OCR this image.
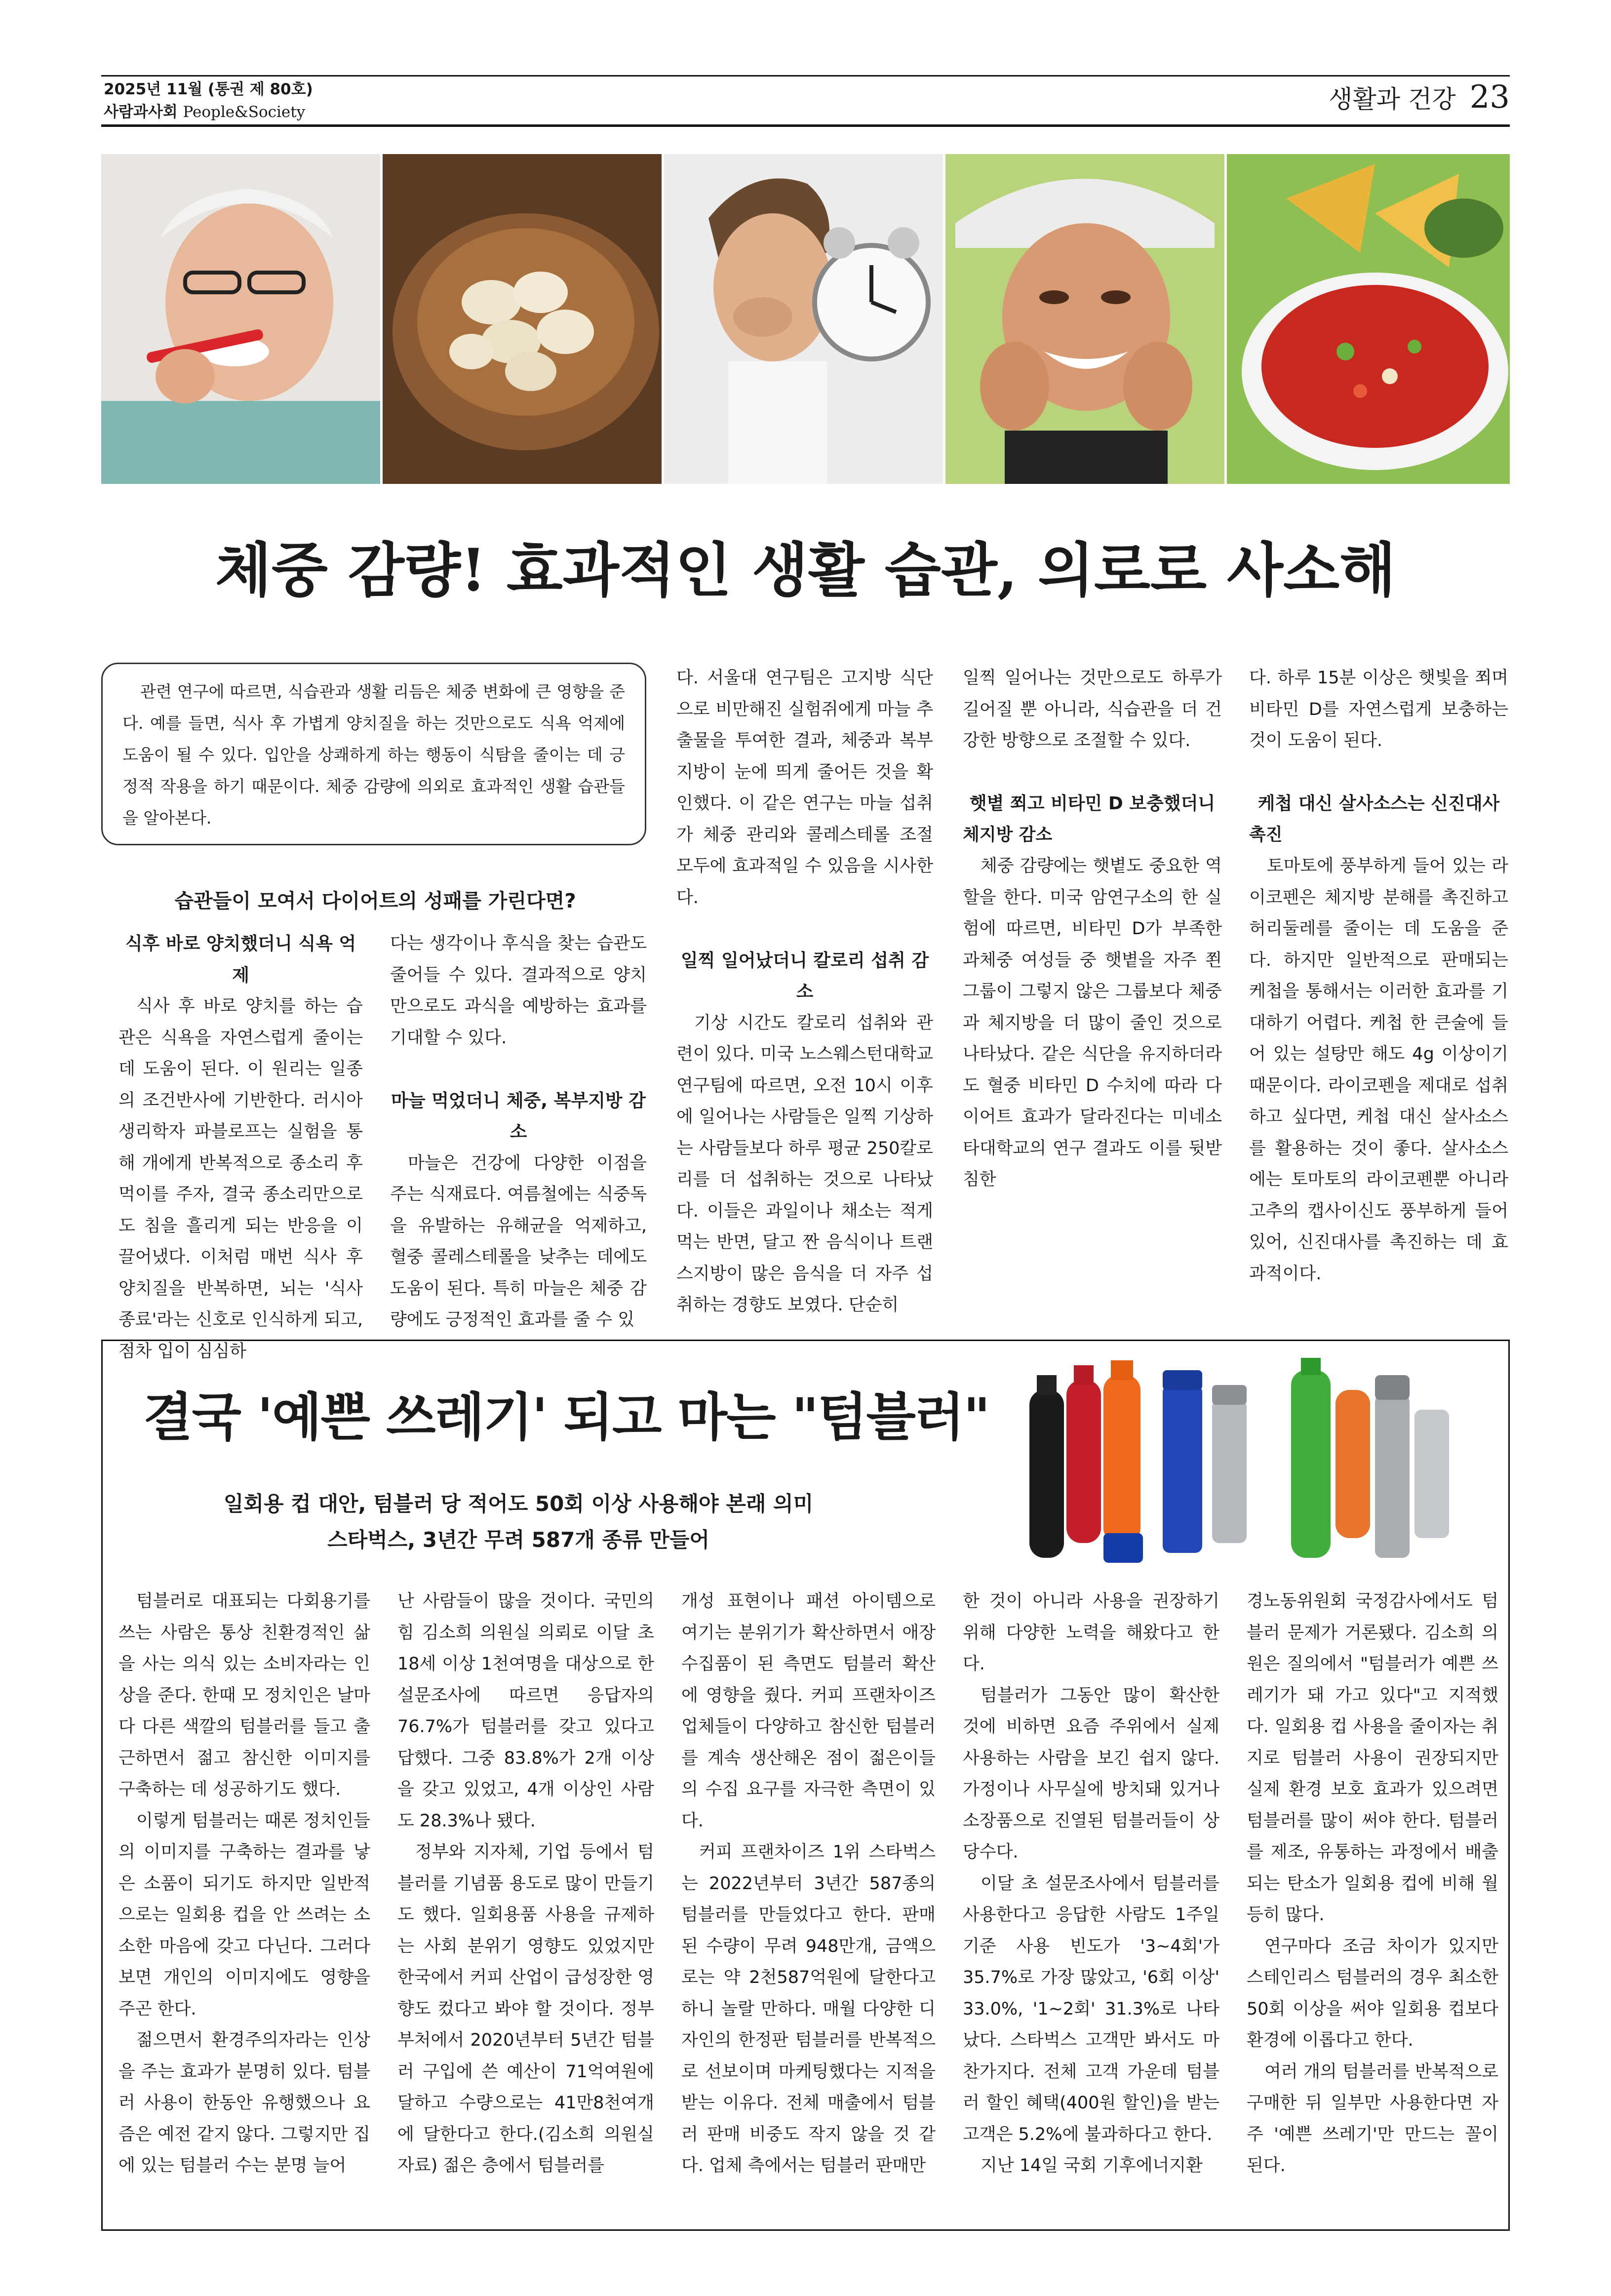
2025년 11월 (통권 제 80호)
사람과사회 People&Society	생활과 건강 23
체중 감량! 효과적인 생활 습관, 의로로 사소해

관련 연구에 따르면, 식습관과 생활 리듬은 체중 변화에 큰 영향을 준다. 예를 들면, 식사 후 가볍게 양치질을 하는 것만으로도 식욕 억제에 도움이 될 수 있다. 입안을 상쾌하게 하는 행동이 식탐을 줄이는 데 긍정적 작용을 하기 때문이다. 체중 감량에 의외로 효과적인 생활 습관들을 알아본다.

습관들이 모여서 다이어트의 성패를 가린다면?

식후 바로 양치했더니 식욕 억제

식사 후 바로 양치를 하는 습관은 식욕을 자연스럽게 줄이는 데 도움이 된다. 이 원리는 일종의 조건반사에 기반한다. 러시아 생리학자 파블로프는 실험을 통해 개에게 반복적으로 종소리 후 먹이를 주자, 결국 종소리만으로도 침을 흘리게 되는 반응을 이끌어냈다. 이처럼 매번 식사 후 양치질을 반복하면, 뇌는 '식사 종료'라는 신호로 인식하게 되고, 점차 입이 심심하

다는 생각이나 후식을 찾는 습관도 줄어들 수 있다. 결과적으로 양치만으로도 과식을 예방하는 효과를 기대할 수 있다.

마늘 먹었더니 체중, 복부지방 감소

마늘은 건강에 다양한 이점을 주는 식재료다. 여름철에는 식중독을 유발하는 유해균을 억제하고, 혈중 콜레스테롤을 낮추는 데에도 도움이 된다. 특히 마늘은 체중 감량에도 긍정적인 효과를 줄 수 있

다. 서울대 연구팀은 고지방 식단으로 비만해진 실험쥐에게 마늘 추출물을 투여한 결과, 체중과 복부 지방이 눈에 띄게 줄어든 것을 확인했다. 이 같은 연구는 마늘 섭취가 체중 관리와 콜레스테롤 조절 모두에 효과적일 수 있음을 시사한다.

일찍 일어났더니 칼로리 섭취 감소

기상 시간도 칼로리 섭취와 관련이 있다. 미국 노스웨스턴대학교 연구팀에 따르면, 오전 10시 이후에 일어나는 사람들은 일찍 기상하는 사람들보다 하루 평균 250칼로리를 더 섭취하는 것으로 나타났다. 이들은 과일이나 채소는 적게 먹는 반면, 달고 짠 음식이나 트랜스지방이 많은 음식을 더 자주 섭취하는 경향도 보였다. 단순히

일찍 일어나는 것만으로도 하루가 길어질 뿐 아니라, 식습관을 더 건강한 방향으로 조절할 수 있다.

햇볕 쬐고 비타민 D 보충했더니

체지방 감소

체중 감량에는 햇볕도 중요한 역할을 한다. 미국 암연구소의 한 실험에 따르면, 비타민 D가 부족한 과체중 여성들 중 햇볕을 자주 쬔 그룹이 그렇지 않은 그룹보다 체중과 체지방을 더 많이 줄인 것으로 나타났다. 같은 식단을 유지하더라도 혈중 비타민 D 수치에 따라 다이어트 효과가 달라진다는 미네소타대학교의 연구 결과도 이를 뒷받침한

다. 하루 15분 이상은 햇빛을 쬐며 비타민 D를 자연스럽게 보충하는 것이 도움이 된다.

케첩 대신 살사소스는 신진대사

촉진

토마토에 풍부하게 들어 있는 라이코펜은 체지방 분해를 촉진하고 허리둘레를 줄이는 데 도움을 준다. 하지만 일반적으로 판매되는 케첩을 통해서는 이러한 효과를 기대하기 어렵다. 케첩 한 큰술에 들어 있는 설탕만 해도 4g 이상이기 때문이다. 라이코펜을 제대로 섭취하고 싶다면, 케첩 대신 살사소스를 활용하는 것이 좋다. 살사소스에는 토마토의 라이코펜뿐 아니라 고추의 캡사이신도 풍부하게 들어 있어, 신진대사를 촉진하는 데 효과적이다.

결국 '예쁜 쓰레기' 되고 마는 "텀블러"
일회용 컵 대안, 텀블러 당 적어도 50회 이상 사용해야 본래 의미
스타벅스, 3년간 무려 587개 종류 만들어

텀블러로 대표되는 다회용기를 쓰는 사람은 통상 친환경적인 삶을 사는 의식 있는 소비자라는 인상을 준다. 한때 모 정치인은 날마다 다른 색깔의 텀블러를 들고 출근하면서 젊고 참신한 이미지를 구축하는 데 성공하기도 했다.

이렇게 텀블러는 때론 정치인들의 이미지를 구축하는 결과를 낳은 소품이 되기도 하지만 일반적으로는 일회용 컵을 안 쓰려는 소소한 마음에 갖고 다닌다. 그러다 보면 개인의 이미지에도 영향을 주곤 한다.

젊으면서 환경주의자라는 인상을 주는 효과가 분명히 있다. 텀블러 사용이 한동안 유행했으나 요즘은 예전 같지 않다. 그렇지만 집에 있는 텀블러 수는 분명 늘어

난 사람들이 많을 것이다. 국민의힘 김소희 의원실 의뢰로 이달 초 18세 이상 1천여명을 대상으로 한 설문조사에 따르면 응답자의 76.7%가 텀블러를 갖고 있다고 답했다. 그중 83.8%가 2개 이상을 갖고 있었고, 4개 이상인 사람도 28.3%나 됐다.

정부와 지자체, 기업 등에서 텀블러를 기념품 용도로 많이 만들기도 했다. 일회용품 사용을 규제하는 사회 분위기 영향도 있었지만 한국에서 커피 산업이 급성장한 영향도 컸다고 봐야 할 것이다. 정부 부처에서 2020년부터 5년간 텀블러 구입에 쓴 예산이 71억여원에 달하고 수량으로는 41만8천여개에 달한다고 한다.(김소희 의원실 자료) 젊은 층에서 텀블러를

개성 표현이나 패션 아이템으로 여기는 분위기가 확산하면서 애장 수집품이 된 측면도 텀블러 확산에 영향을 줬다. 커피 프랜차이즈 업체들이 다양하고 참신한 텀블러를 계속 생산해온 점이 젊은이들의 수집 요구를 자극한 측면이 있다.

커피 프랜차이즈 1위 스타벅스는 2022년부터 3년간 587종의 텀블러를 만들었다고 한다. 판매된 수량이 무려 948만개, 금액으로는 약 2천587억원에 달한다고 하니 놀랄 만하다. 매월 다양한 디자인의 한정판 텀블러를 반복적으로 선보이며 마케팅했다는 지적을 받는 이유다. 전체 매출에서 텀블러 판매 비중도 작지 않을 것 같다. 업체 측에서는 텀블러 판매만

한 것이 아니라 사용을 권장하기 위해 다양한 노력을 해왔다고 한다.

텀블러가 그동안 많이 확산한 것에 비하면 요즘 주위에서 실제 사용하는 사람을 보긴 쉽지 않다. 가정이나 사무실에 방치돼 있거나 소장품으로 진열된 텀블러들이 상당수다.

이달 초 설문조사에서 텀블러를 사용한다고 응답한 사람도 1주일 기준 사용 빈도가 '3~4회'가 35.7%로 가장 많았고, '6회 이상' 33.0%, '1~2회' 31.3%로 나타났다. 스타벅스 고객만 봐서도 마찬가지다. 전체 고객 가운데 텀블러 할인 혜택(400원 할인)을 받는 고객은 5.2%에 불과하다고 한다.

지난 14일 국회 기후에너지환

경노동위원회 국정감사에서도 텀블러 문제가 거론됐다. 김소희 의원은 질의에서 "텀블러가 예쁜 쓰레기가 돼 가고 있다"고 지적했다. 일회용 컵 사용을 줄이자는 취지로 텀블러 사용이 권장되지만 실제 환경 보호 효과가 있으려면 텀블러를 많이 써야 한다. 텀블러를 제조, 유통하는 과정에서 배출되는 탄소가 일회용 컵에 비해 월등히 많다.

연구마다 조금 차이가 있지만 스테인리스 텀블러의 경우 최소한 50회 이상을 써야 일회용 컵보다 환경에 이롭다고 한다.

여러 개의 텀블러를 반복적으로 구매한 뒤 일부만 사용한다면 자주 '예쁜 쓰레기'만 만드는 꼴이 된다.
